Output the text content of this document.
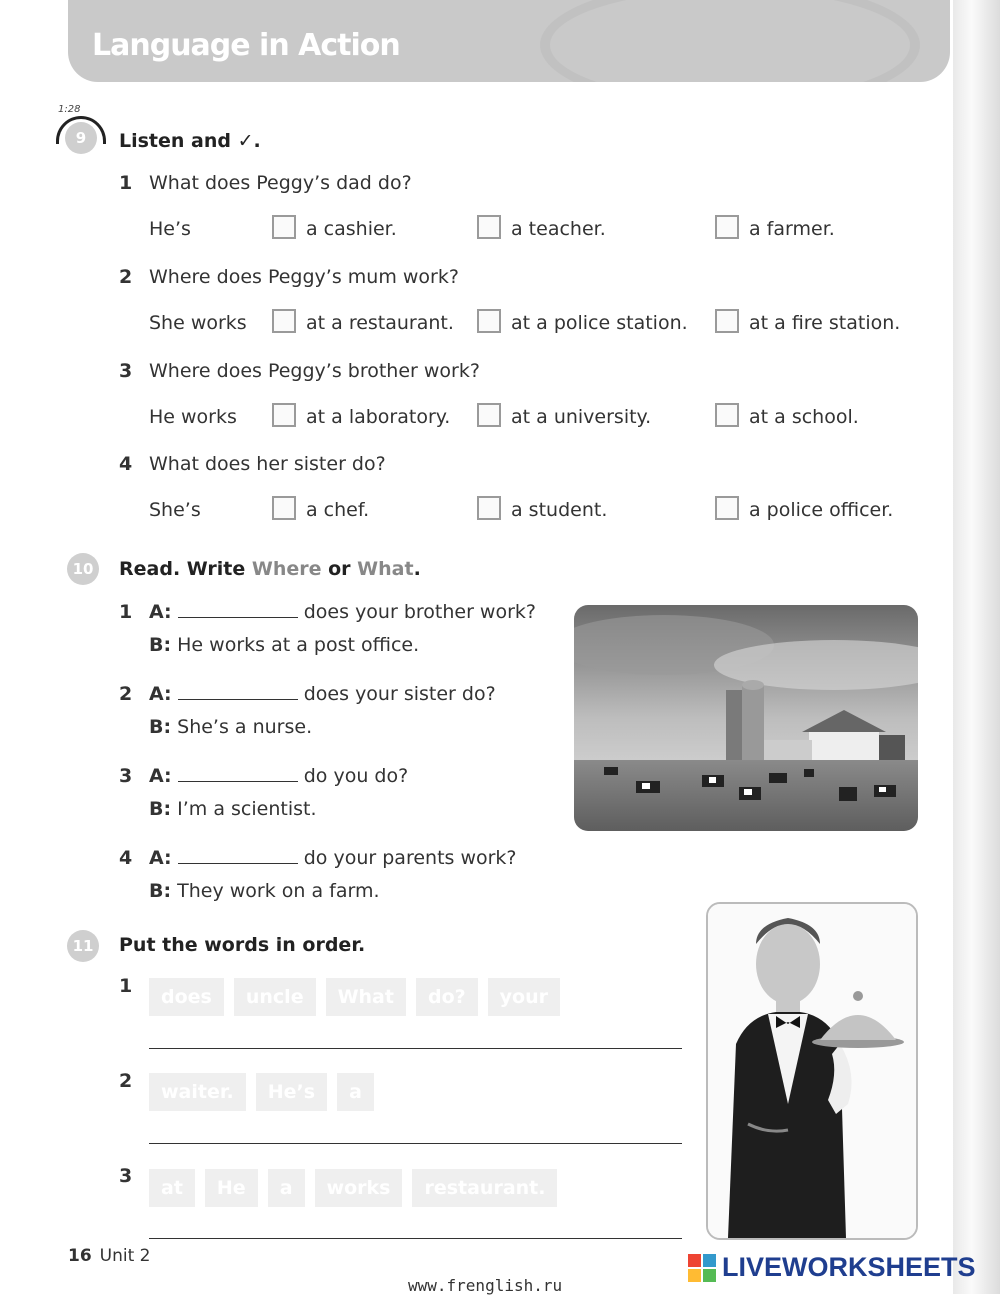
Language in Action
1:28
9	Listen and ✓.
1 What does Peggy’s dad do?
He’s	a cashier.	a teacher.	a farmer.
2 Where does Peggy’s mum work?
She works	at a restaurant.	at a police station.	at a fire station.
3 Where does Peggy’s brother work?
He works	at a laboratory.	at a university.	at a school.
4 What does her sister do?
She’s	a chef.	a student.	a police officer.
10 Read. Write Where or What.
1 A:	does your brother work?
B: He works at a post office.
2 A:	does your sister do?
B: She’s a nurse.
3 A:	do you do?
B: I’m a scientist.
4 A:	do your parents work?
B: They work on a farm.
11 Put the words in order.
1	does	uncle	What	do?	your
2	waiter.	He’s	a
3
at	He	a	works	restaurant.
16 Unit 2
www.frenglish.ru
LIVEWORKSHEETS
